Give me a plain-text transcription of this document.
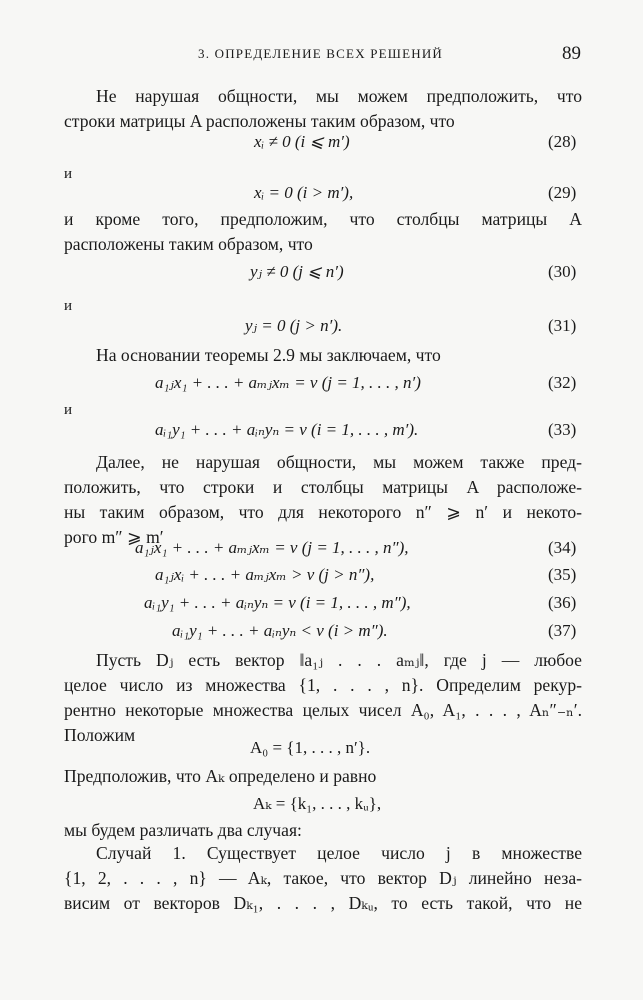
3. ОПРЕДЕЛЕНИЕ ВСЕХ РЕШЕНИЙ	89
Не нарушая общности, мы можем предположить, что
строки матрицы A расположены таким образом, что
xᵢ ≠ 0 (i ⩽ m′)	(28)
и
xᵢ = 0 (i > m′),	(29)
и кроме того, предположим, что столбцы матрицы A
расположены таким образом, что
yⱼ ≠ 0 (j ⩽ n′)	(30)
и
yⱼ = 0 (j > n′).	(31)
На основании теоремы 2.9 мы заключаем, что
a₁ⱼx₁ + . . . + aₘⱼxₘ = v (j = 1, . . . , n′)	(32)
и
aᵢ₁y₁ + . . . + aᵢₙyₙ = v (i = 1, . . . , m′).	(33)
Далее, не нарушая общности, мы можем также пред-
положить, что строки и столбцы матрицы A расположе-
ны таким образом, что для некоторого n″ ⩾ n′ и некото-
рого m″ ⩾ m′
a₁ⱼx₁ + . . . + aₘⱼxₘ = v (j = 1, . . . , n″),	(34)
a₁ⱼxᵢ + . . . + aₘⱼxₘ > v (j > n″),	(35)
aᵢ₁y₁ + . . . + aᵢₙyₙ = v (i = 1, . . . , m″),	(36)
aᵢ₁y₁ + . . . + aᵢₙyₙ < v (i > m″).	(37)
Пусть Dⱼ есть вектор ‖a₁ⱼ . . . aₘⱼ‖, где j — любое
целое число из множества {1, . . . , n}. Определим рекур-
рентно некоторые множества целых чисел A₀, A₁, . . . , Aₙ″₋ₙ′.
Положим
A₀ = {1, . . . , n′}.
Предположив, что Aₖ определено и равно
Aₖ = {k₁, . . . , kᵤ},
мы будем различать два случая:
Случай 1. Существует целое число j в множестве
{1, 2, . . . , n} — Aₖ, такое, что вектор Dⱼ линейно неза-
висим от векторов Dₖ₁, . . . , Dₖᵤ, то есть такой, что не
